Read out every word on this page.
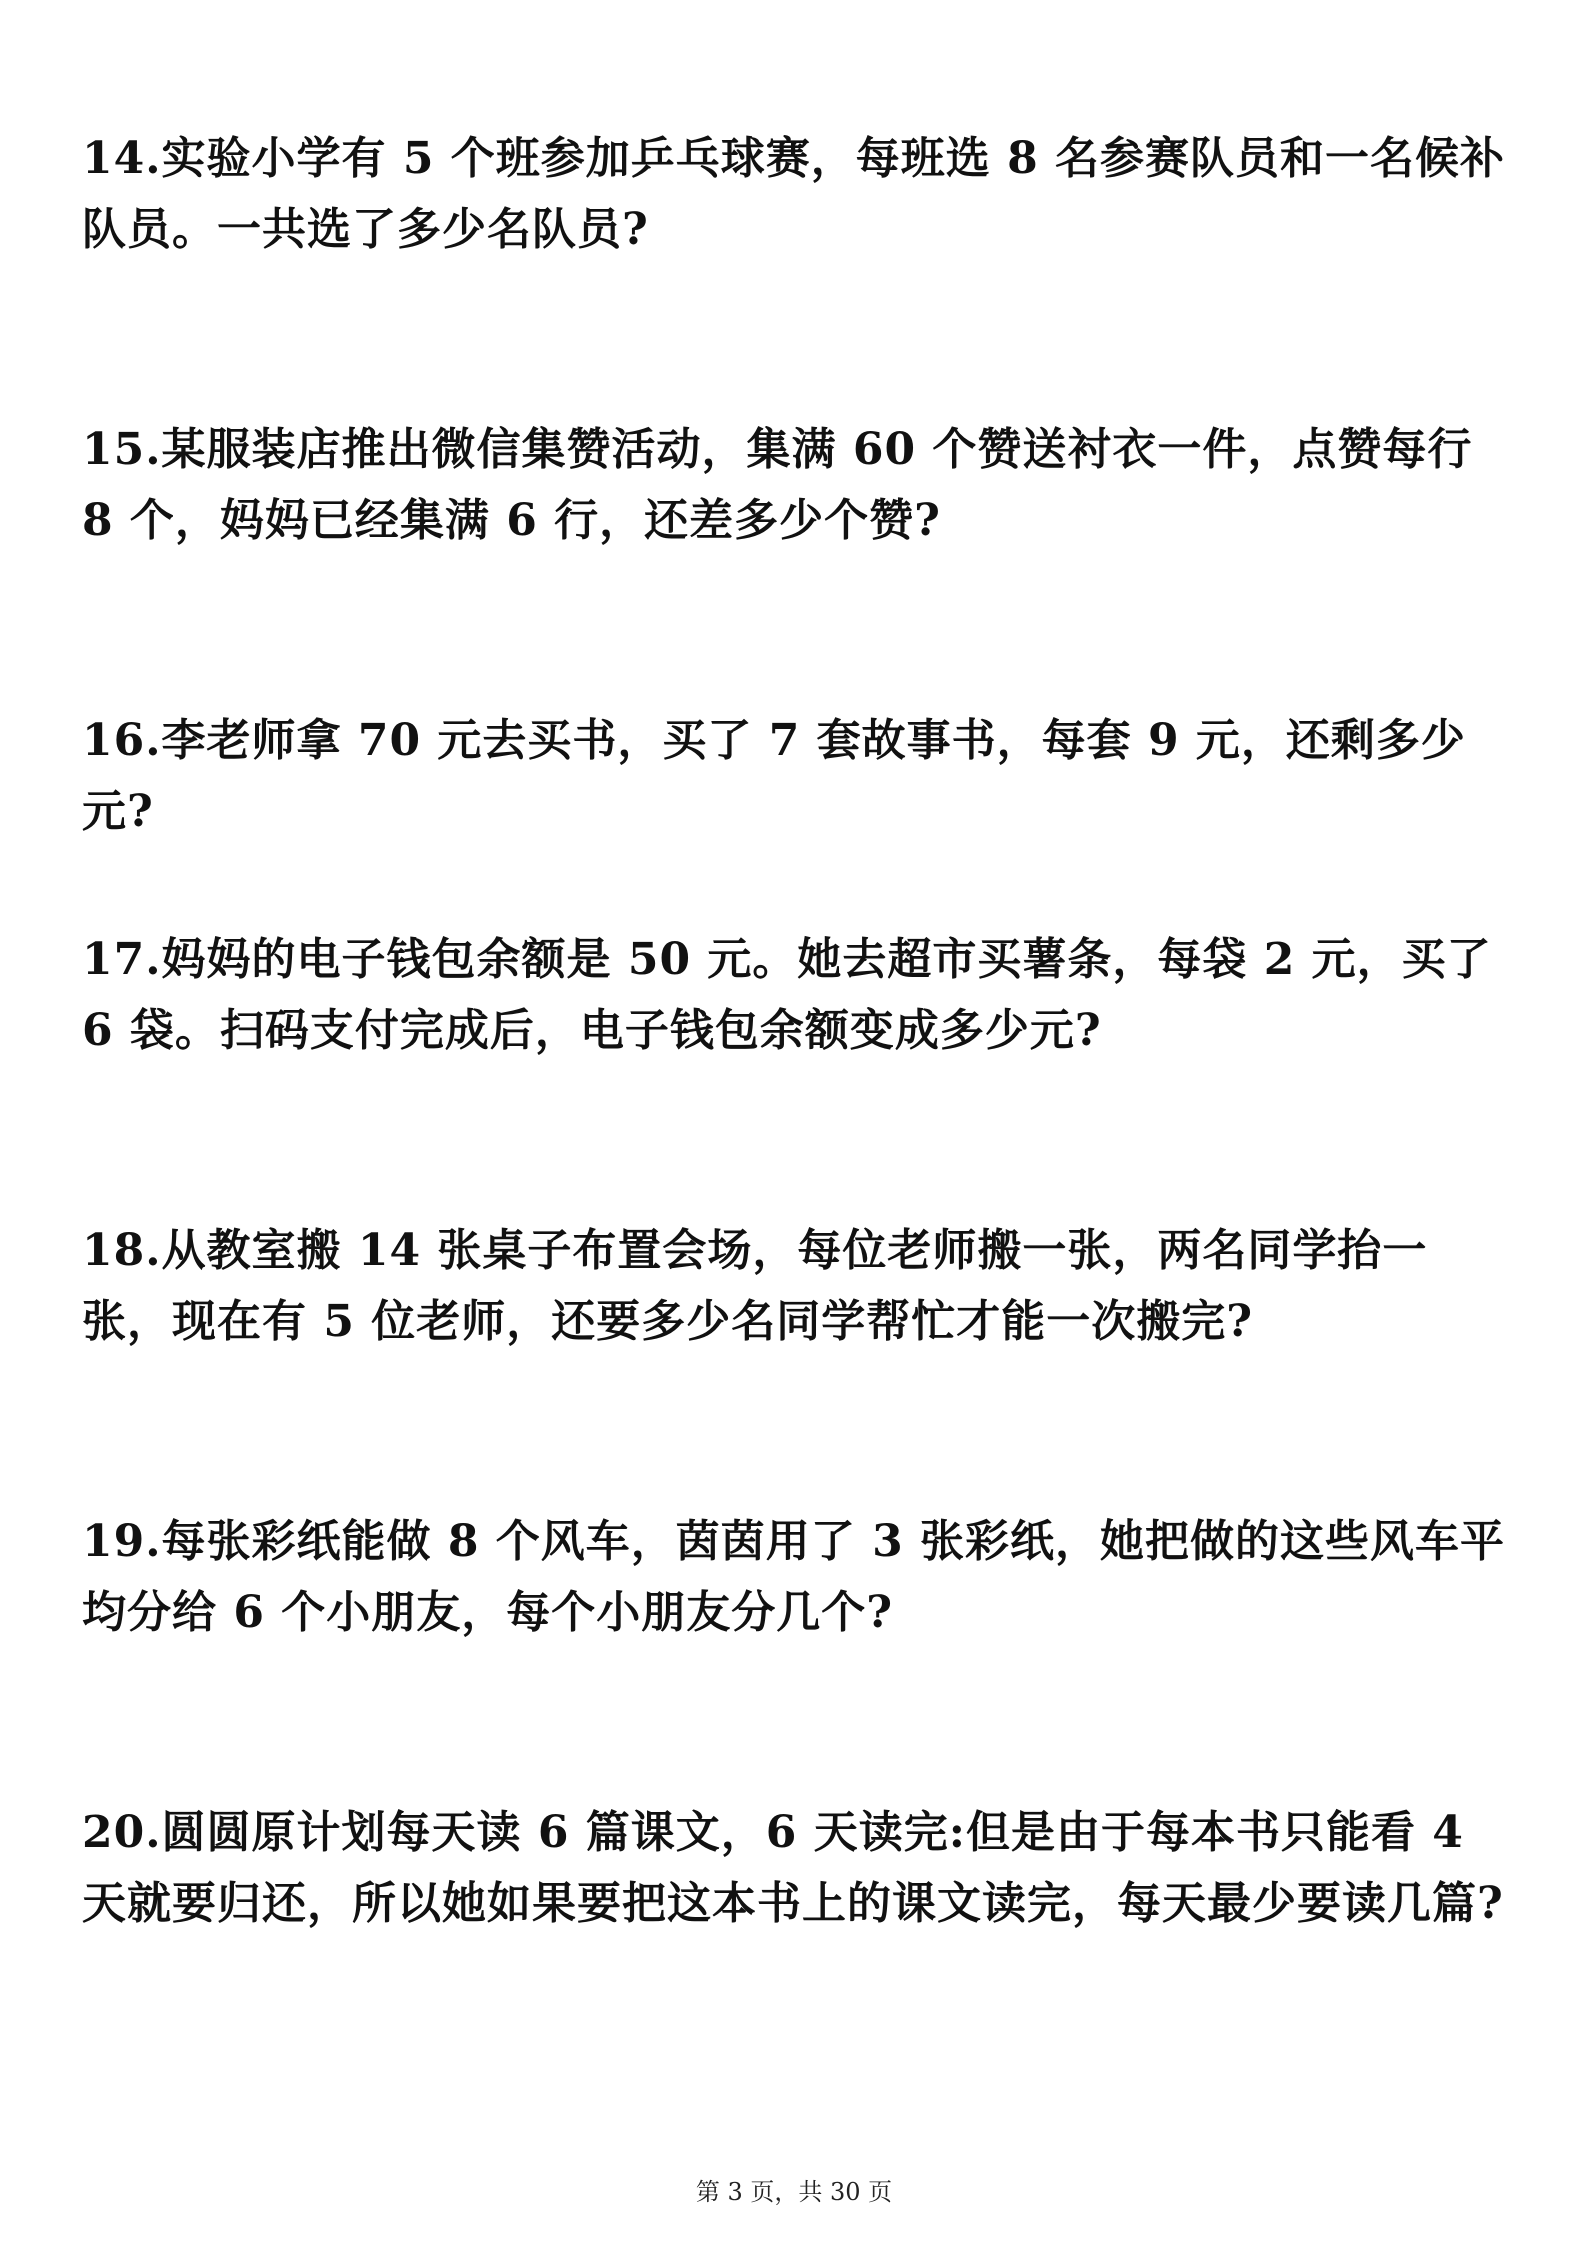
14.实验小学有 5 个班参加乒乓球赛，每班选 8 名参赛队员和一名候补队员。一共选了多少名队员?
15.某服装店推出微信集赞活动，集满 60 个赞送衬衣一件，点赞每行 8 个，妈妈已经集满 6 行，还差多少个赞?
16.李老师拿 70 元去买书，买了 7 套故事书，每套 9 元，还剩多少元?
17.妈妈的电子钱包余额是 50 元。她去超市买薯条，每袋 2 元，买了 6 袋。扫码支付完成后，电子钱包余额变成多少元?
18.从教室搬 14 张桌子布置会场，每位老师搬一张，两名同学抬一张，现在有 5 位老师，还要多少名同学帮忙才能一次搬完?
19.每张彩纸能做 8 个风车，茵茵用了 3 张彩纸，她把做的这些风车平均分给 6 个小朋友，每个小朋友分几个?
20.圆圆原计划每天读 6 篇课文，6 天读完:但是由于每本书只能看 4 天就要归还，所以她如果要把这本书上的课文读完，每天最少要读几篇?
第 3 页，共 30 页
